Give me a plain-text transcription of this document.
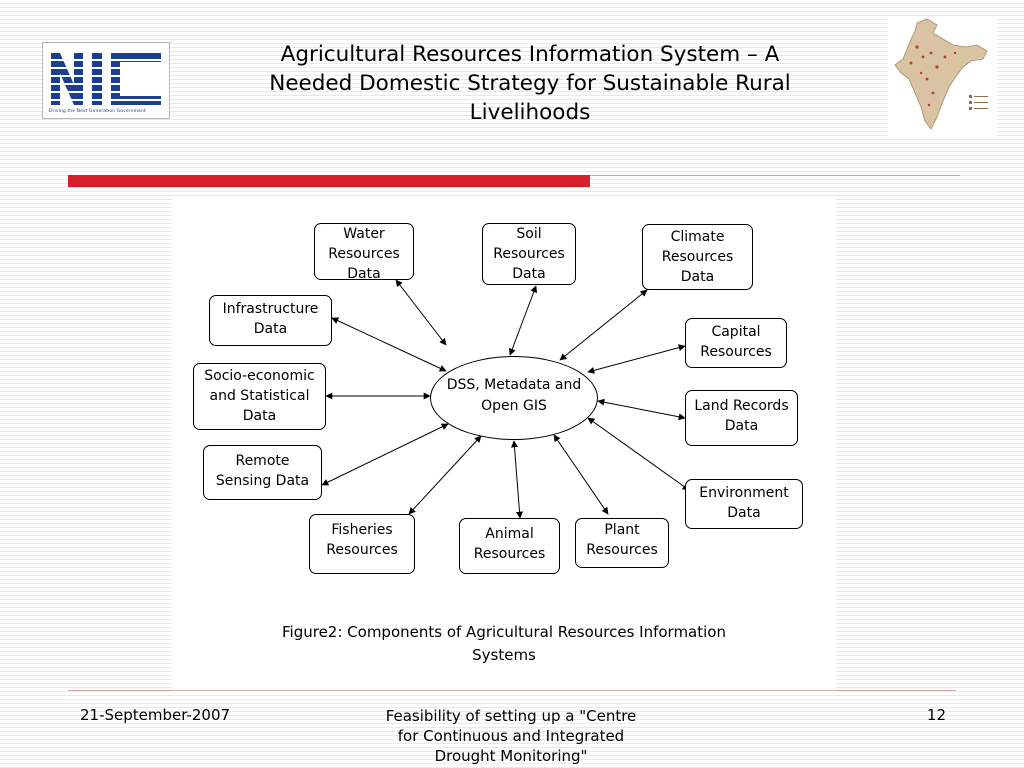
Driving the Next Generation Government
Agricultural Resources Information System – A Needed Domestic Strategy for Sustainable Rural Livelihoods
DSS, Metadata and
Open GIS
Water
Resources
Data
Soil
Resources
Data
Climate
Resources
Data
Infrastructure
Data	Capital
Resources
Socio-economic
and Statistical
Data
Land Records
Data
Remote
Sensing Data
Environment
Data
Fisheries
Resources
Animal
Resources
Plant
Resources
Figure2: Components of Agricultural Resources Information
Systems
21-September-2007	Feasibility of setting up a "Centre
for Continuous and Integrated
Drought Monitoring"
12
